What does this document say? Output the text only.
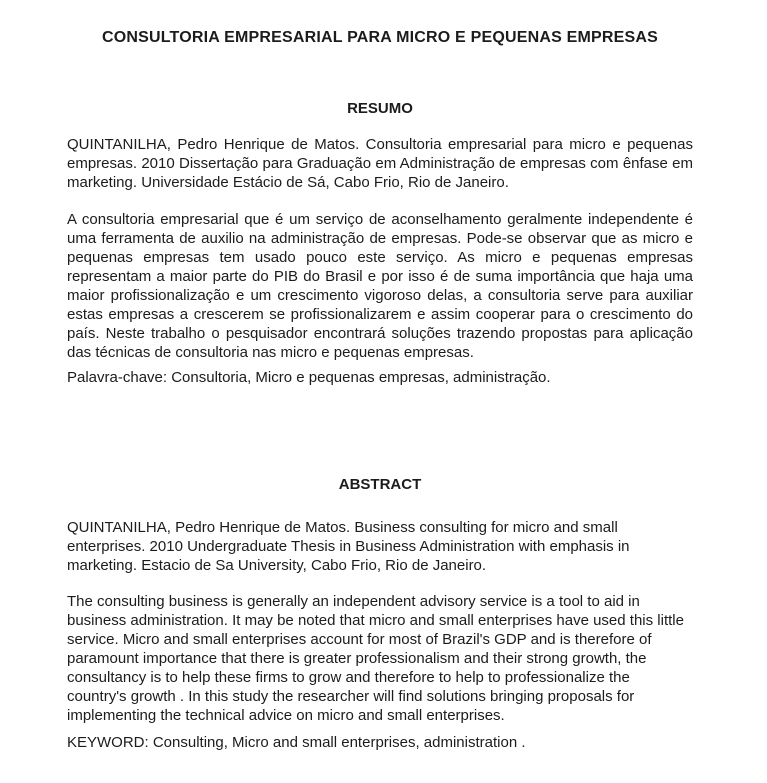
CONSULTORIA EMPRESARIAL PARA MICRO E PEQUENAS EMPRESAS
RESUMO

QUINTANILHA, Pedro Henrique de Matos. Consultoria empresarial para micro e pequenas empresas. 2010 Dissertação para Graduação em Administração de empresas com ênfase em marketing. Universidade Estácio de Sá, Cabo Frio, Rio de Janeiro.

A consultoria empresarial que é um serviço de aconselhamento geralmente independente é uma ferramenta de auxilio na administração de empresas. Pode-se observar que as micro e pequenas empresas tem usado pouco este serviço. As micro e pequenas empresas representam a maior parte do PIB do Brasil e por isso é de suma importância que haja uma maior profissionalização e um crescimento vigoroso delas, a consultoria serve para auxiliar estas empresas a crescerem se profissionalizarem e assim cooperar para o crescimento do país. Neste trabalho o pesquisador encontrará soluções trazendo propostas para aplicação das técnicas de consultoria nas micro e pequenas empresas.

Palavra-chave: Consultoria, Micro e pequenas empresas, administração.

ABSTRACT

QUINTANILHA, Pedro Henrique de Matos. Business consulting for micro and small enterprises. 2010 Undergraduate Thesis in Business Administration with emphasis in marketing. Estacio de Sa University, Cabo Frio, Rio de Janeiro.

The consulting business is generally an independent advisory service is a tool to aid in business administration. It may be noted that micro and small enterprises have used this little service. Micro and small enterprises account for most of Brazil's GDP and is therefore of paramount importance that there is greater professionalism and their strong growth, the consultancy is to help these firms to grow and therefore to help to professionalize the country's growth . In this study the researcher will find solutions bringing proposals for implementing the technical advice on micro and small enterprises.

KEYWORD: Consulting, Micro and small enterprises, administration .
